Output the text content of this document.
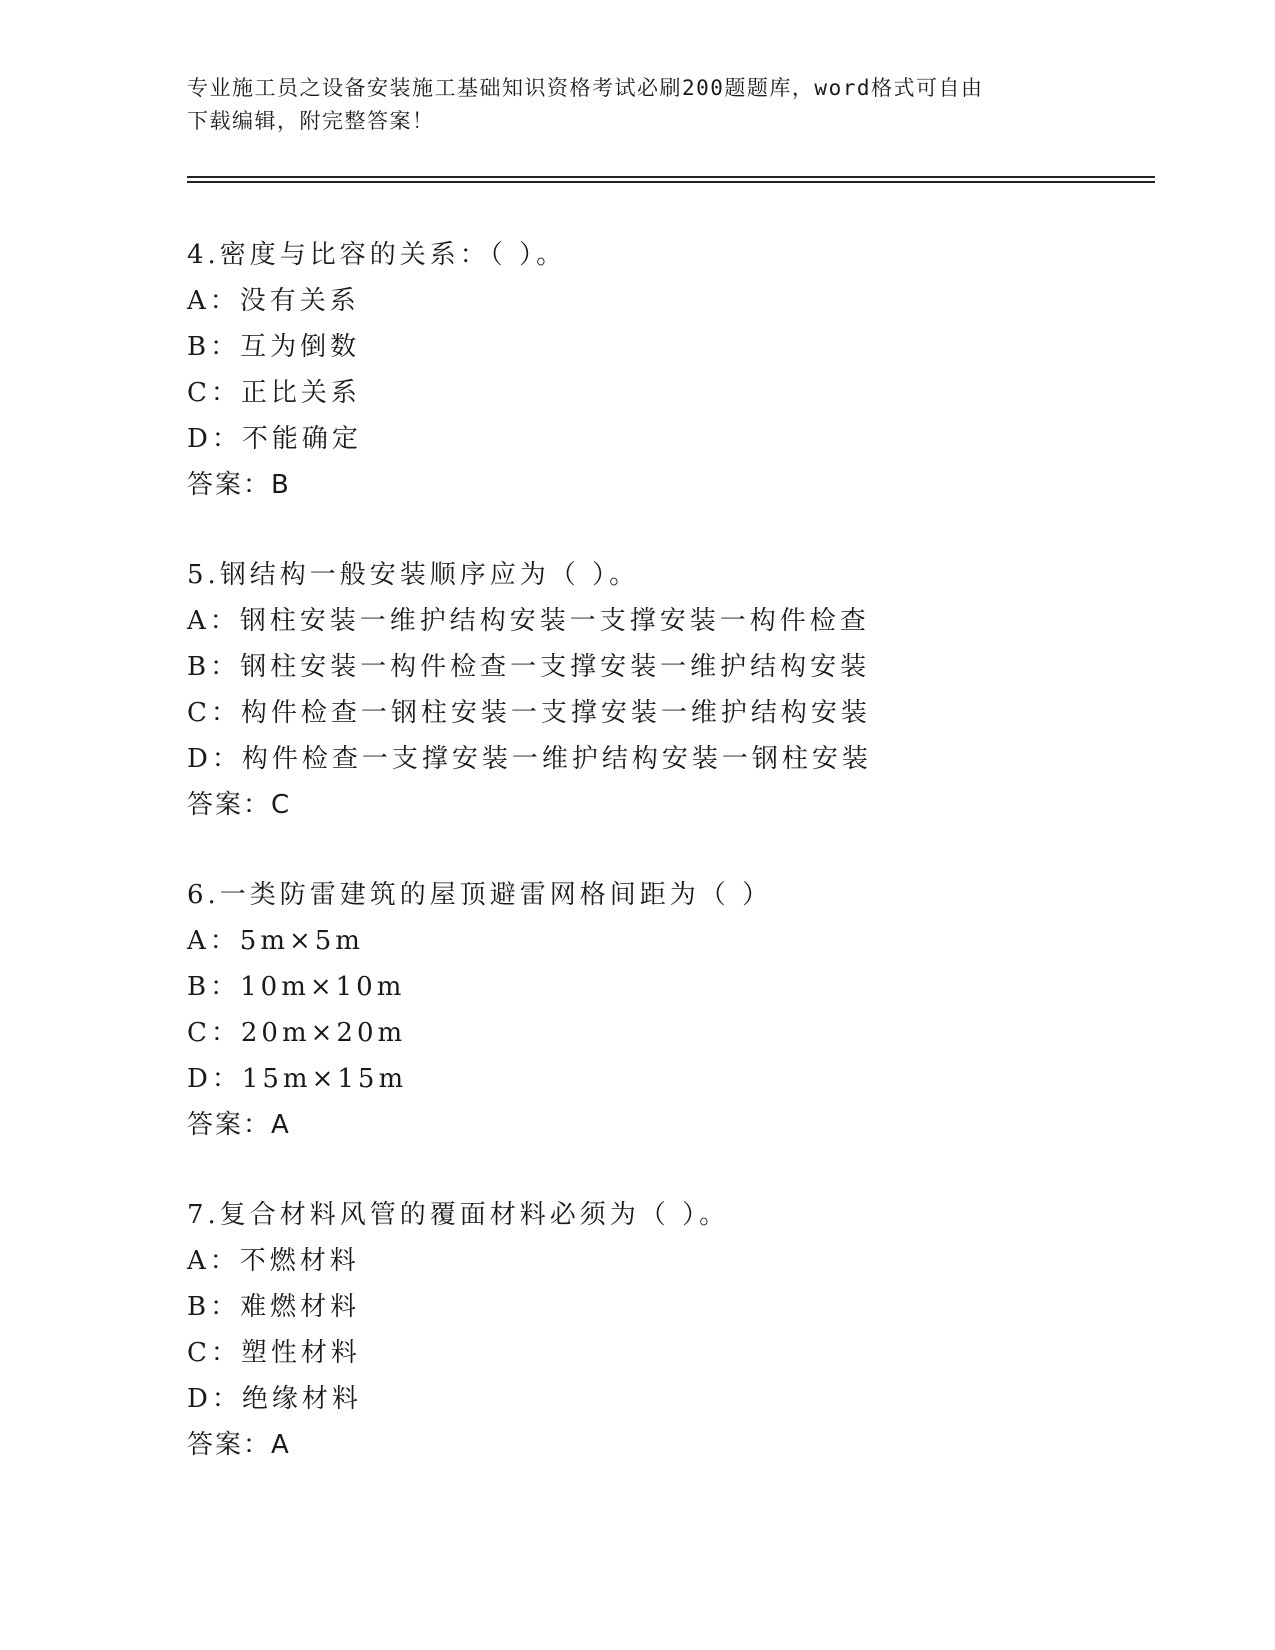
专业施工员之设备安装施工基础知识资格考试必刷200题题库，word格式可自由
下载编辑，附完整答案！
4.密度与比容的关系：（ ）。
A：没有关系
B：互为倒数
C：正比关系
D：不能确定
答案：B
5.钢结构一般安装顺序应为（ ）。
A：钢柱安装一维护结构安装一支撑安装一构件检查
B：钢柱安装一构件检查一支撑安装一维护结构安装
C：构件检查一钢柱安装一支撑安装一维护结构安装
D：构件检查一支撑安装一维护结构安装一钢柱安装
答案：C
6.一类防雷建筑的屋顶避雷网格间距为（ ）
A：5m×5m
B：10m×10m
C：20m×20m
D：15m×15m
答案：A
7.复合材料风管的覆面材料必须为（ ）。
A：不燃材料
B：难燃材料
C：塑性材料
D：绝缘材料
答案：A
